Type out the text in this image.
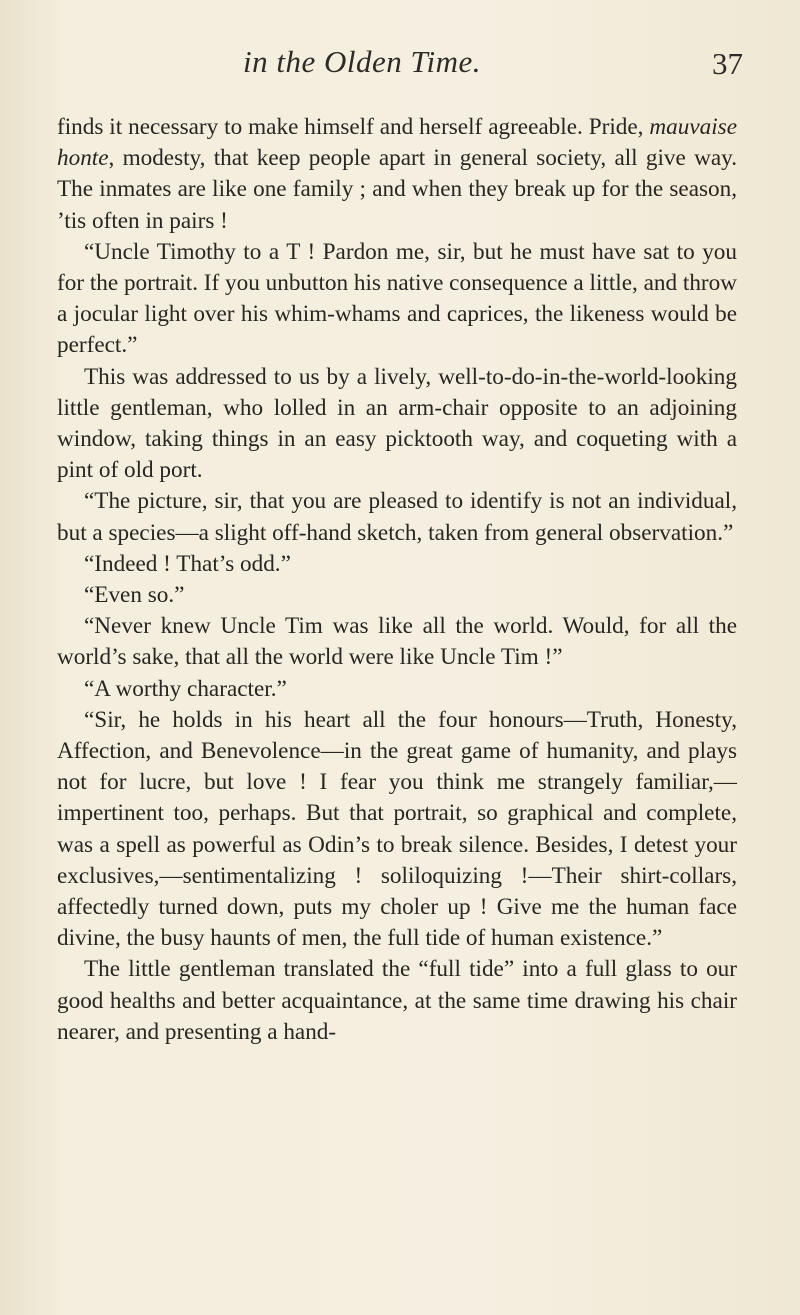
in the Olden Time.	37

finds it necessary to make himself and herself agreeable. Pride, mauvaise honte, modesty, that keep people apart in general society, all give way. The inmates are like one family ; and when they break up for the season, ’tis often in pairs !

“Uncle Timothy to a T ! Pardon me, sir, but he must have sat to you for the portrait. If you unbutton his native consequence a little, and throw a jocular light over his whim-whams and caprices, the likeness would be perfect.”

This was addressed to us by a lively, well-to-do-in-the-world-looking little gentleman, who lolled in an arm-chair opposite to an adjoining window, taking things in an easy picktooth way, and coqueting with a pint of old port.

“The picture, sir, that you are pleased to identify is not an individual, but a species—a slight off-hand sketch, taken from general observation.”

“Indeed ! That’s odd.”

“Even so.”

“Never knew Uncle Tim was like all the world. Would, for all the world’s sake, that all the world were like Uncle Tim !”

“A worthy character.”

“Sir, he holds in his heart all the four honours—Truth, Honesty, Affection, and Benevolence—in the great game of humanity, and plays not for lucre, but love ! I fear you think me strangely familiar,—impertinent too, perhaps. But that portrait, so graphical and complete, was a spell as powerful as Odin’s to break silence. Besides, I detest your exclusives,—sentimentalizing ! soliloquizing !—Their shirt-collars, affectedly turned down, puts my choler up ! Give me the human face divine, the busy haunts of men, the full tide of human existence.”

The little gentleman translated the “full tide” into a full glass to our good healths and better acquaintance, at the same time drawing his chair nearer, and presenting a hand-
